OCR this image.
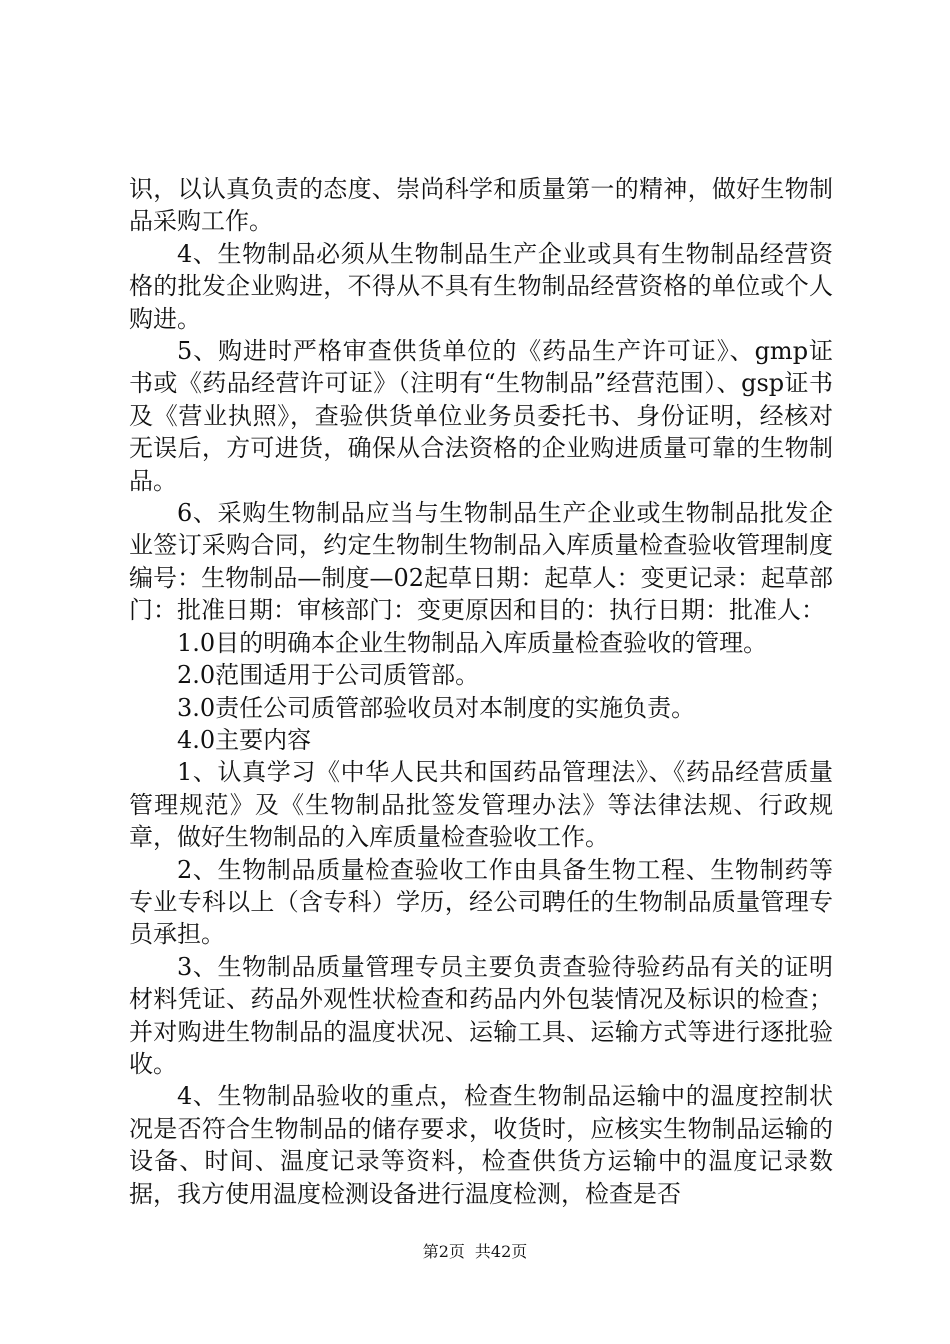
识，以认真负责的态度、崇尚科学和质量第一的精神，做好生物制品采购工作。

4、生物制品必须从生物制品生产企业或具有生物制品经营资格的批发企业购进，不得从不具有生物制品经营资格的单位或个人购进。

5、购进时严格审查供货单位的《药品生产许可证》、gmp证书或《药品经营许可证》（注明有“生物制品”经营范围）、gsp证书及《营业执照》，查验供货单位业务员委托书、身份证明，经核对无误后，方可进货，确保从合法资格的企业购进质量可靠的生物制品。

6、采购生物制品应当与生物制品生产企业或生物制品批发企业签订采购合同，约定生物制生物制品入库质量检查验收管理制度编号：生物制品—制度—02起草日期：起草人：变更记录：起草部门：批准日期：审核部门：变更原因和目的：执行日期：批准人：

1.0目的明确本企业生物制品入库质量检查验收的管理。

2.0范围适用于公司质管部。

3.0责任公司质管部验收员对本制度的实施负责。

4.0主要内容

1、认真学习《中华人民共和国药品管理法》、《药品经营质量管理规范》及《生物制品批签发管理办法》等法律法规、行政规章，做好生物制品的入库质量检查验收工作。

2、生物制品质量检查验收工作由具备生物工程、生物制药等专业专科以上（含专科）学历，经公司聘任的生物制品质量管理专员承担。

3、生物制品质量管理专员主要负责查验待验药品有关的证明材料凭证、药品外观性状检查和药品内外包装情况及标识的检查；并对购进生物制品的温度状况、运输工具、运输方式等进行逐批验收。

4、生物制品验收的重点，检查生物制品运输中的温度控制状况是否符合生物制品的储存要求，收货时，应核实生物制品运输的设备、时间、温度记录等资料，检查供货方运输中的温度记录数据，我方使用温度检测设备进行温度检测，检查是否

第2页 共42页
